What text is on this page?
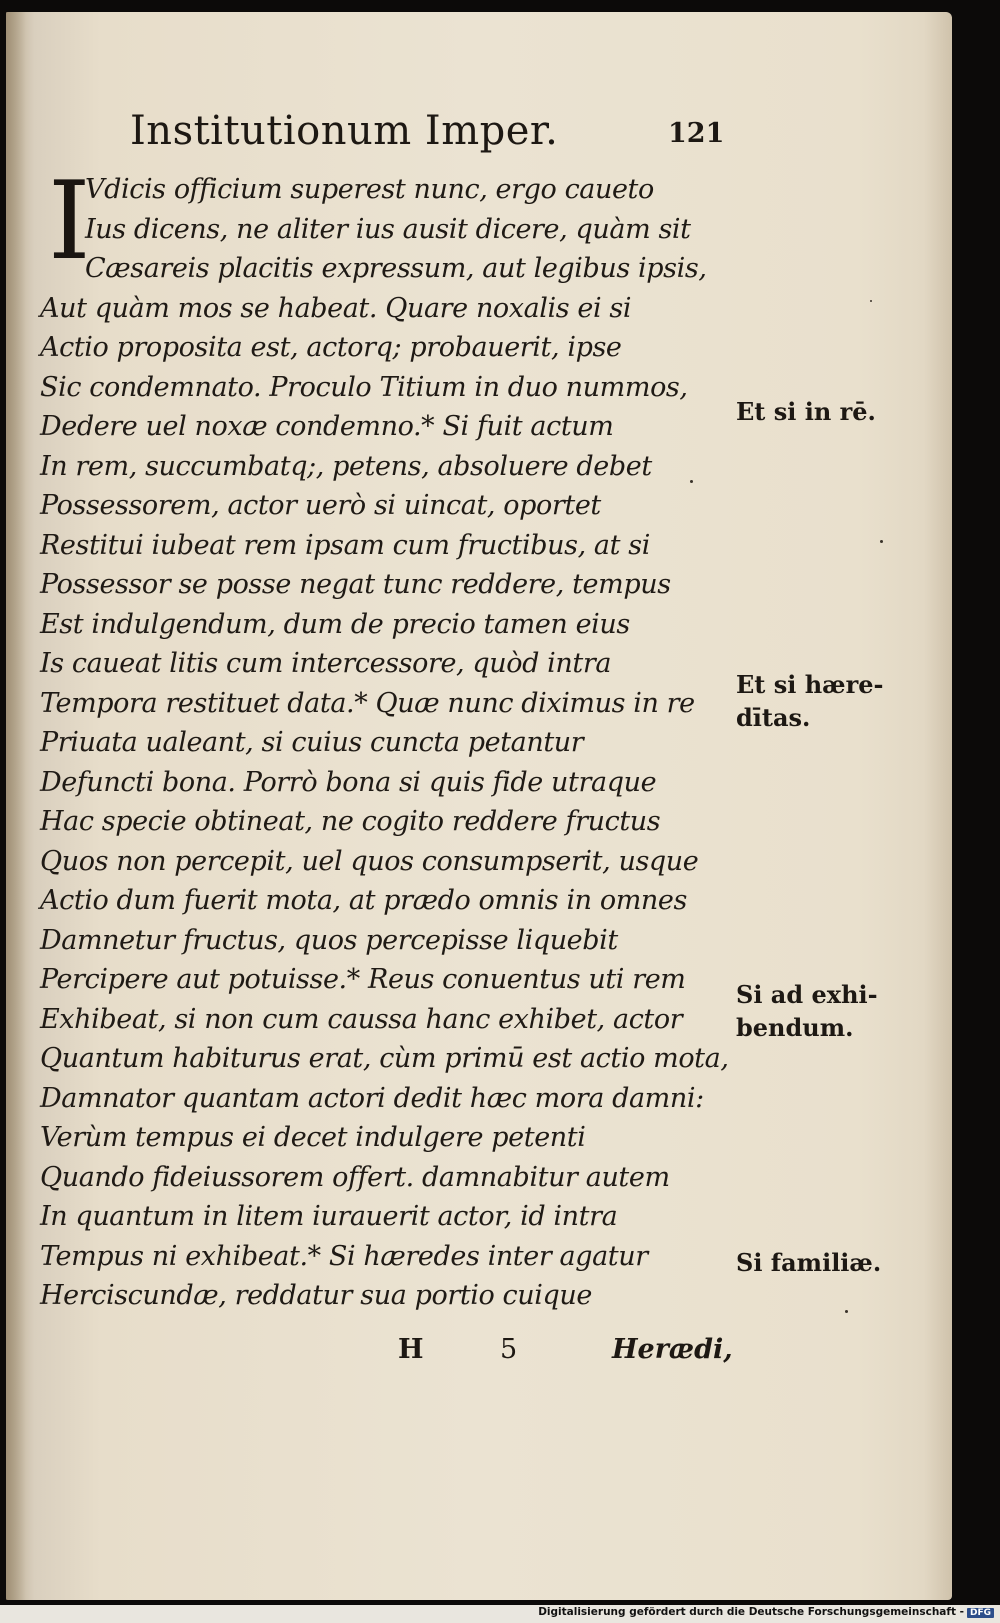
Institutionum Imper.	121
I
Vdicis officium superest nunc, ergo caueto
Ius dicens, ne aliter ius ausit dicere, quàm sit
Cæsareis placitis expressum, aut legibus ipsis,
Aut quàm mos se habeat. Quare noxalis ei si
Actio proposita est, actorq; probauerit, ipse
Sic condemnato. Proculo Titium in duo nummos,
Dedere uel noxæ condemno.* Si fuit actum
In rem, succumbatq;, petens, absoluere debet
Possessorem, actor uerò si uincat, oportet
Restitui iubeat rem ipsam cum fructibus, at si
Possessor se posse negat tunc reddere, tempus
Est indulgendum, dum de precio tamen eius
Is caueat litis cum intercessore, quòd intra
Tempora restituet data.* Quæ nunc diximus in re
Priuata ualeant, si cuius cuncta petantur
Defuncti bona. Porrò bona si quis fide utraque
Hac specie obtineat, ne cogito reddere fructus
Quos non percepit, uel quos consumpserit, usque
Actio dum fuerit mota, at prædo omnis in omnes
Damnetur fructus, quos percepisse liquebit
Percipere aut potuisse.* Reus conuentus uti rem
Exhibeat, si non cum caussa hanc exhibet, actor
Quantum habiturus erat, cùm primū est actio mota,
Damnator quantam actori dedit hæc mora damni:
Verùm tempus ei decet indulgere petenti
Quando fideiussorem offert. damnabitur autem
In quantum in litem iurauerit actor, id intra
Tempus ni exhibeat.* Si hæredes inter agatur
Herciscundæ, reddatur sua portio cuique
Et si in rē.
Et si hære-
dītas.
Si ad exhi-
bendum.
Si familiæ.
H	5	Herædi,
Digitalisierung gefördert durch die Deutsche Forschungsgemeinschaft - DFG
